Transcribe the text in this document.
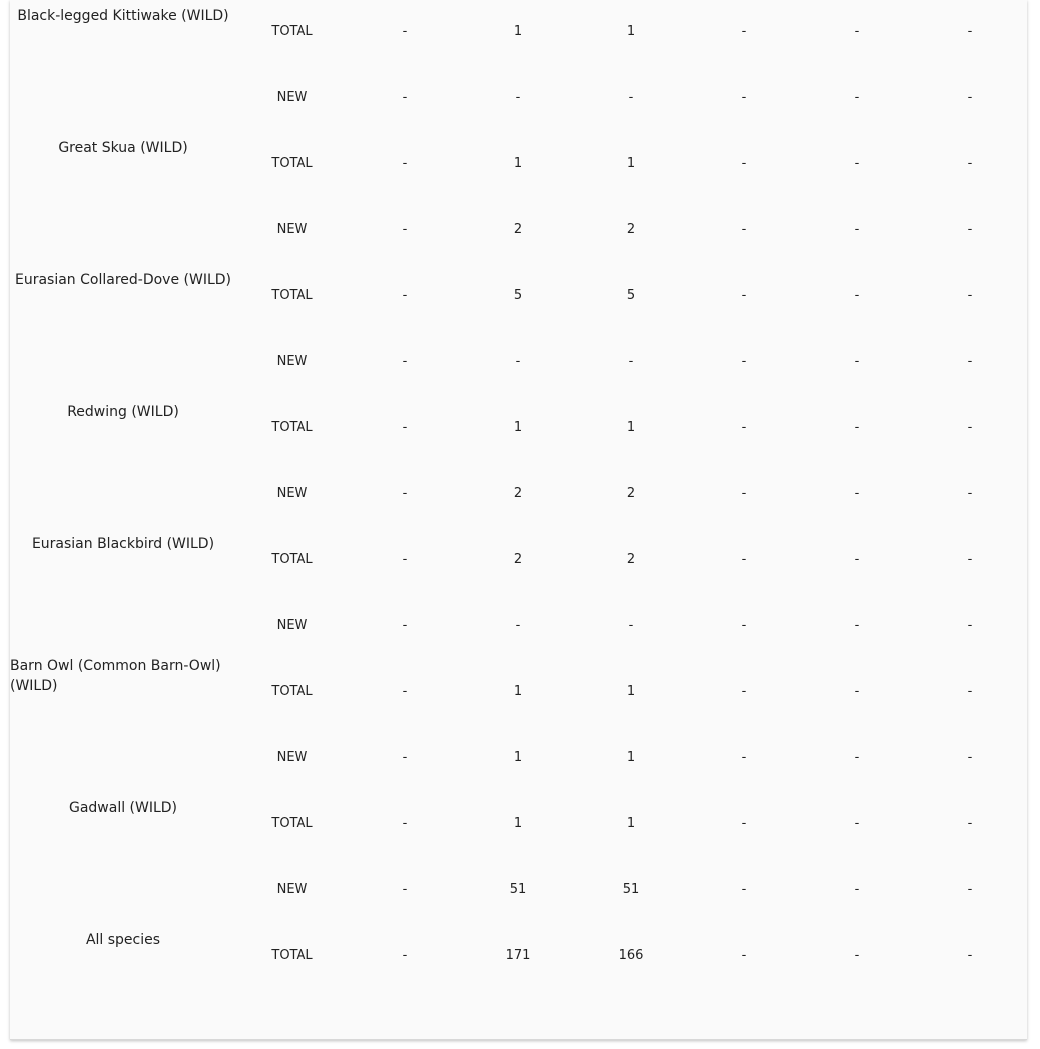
Black-legged Kittiwake (WILD)
TOTAL	-	1	1	-	-	-
Great Skua (WILD)
NEW	-	-	-	-	-	-
TOTAL	-	1	1	-	-	-
Eurasian Collared-Dove (WILD)
NEW	-	2	2	-	-	-
TOTAL	-	5	5	-	-	-
Redwing (WILD)
NEW	-	-	-	-	-	-
TOTAL	-	1	1	-	-	-
Eurasian Blackbird (WILD)
NEW	-	2	2	-	-	-
TOTAL	-	2	2	-	-	-
Barn Owl (Common Barn-Owl) (WILD)
NEW	-	-	-	-	-	-
TOTAL	-	1	1	-	-	-
Gadwall (WILD)
NEW	-	1	1	-	-	-
TOTAL	-	1	1	-	-	-
All species
NEW	-	51	51	-	-	-
TOTAL	-	171	166	-	-	-
